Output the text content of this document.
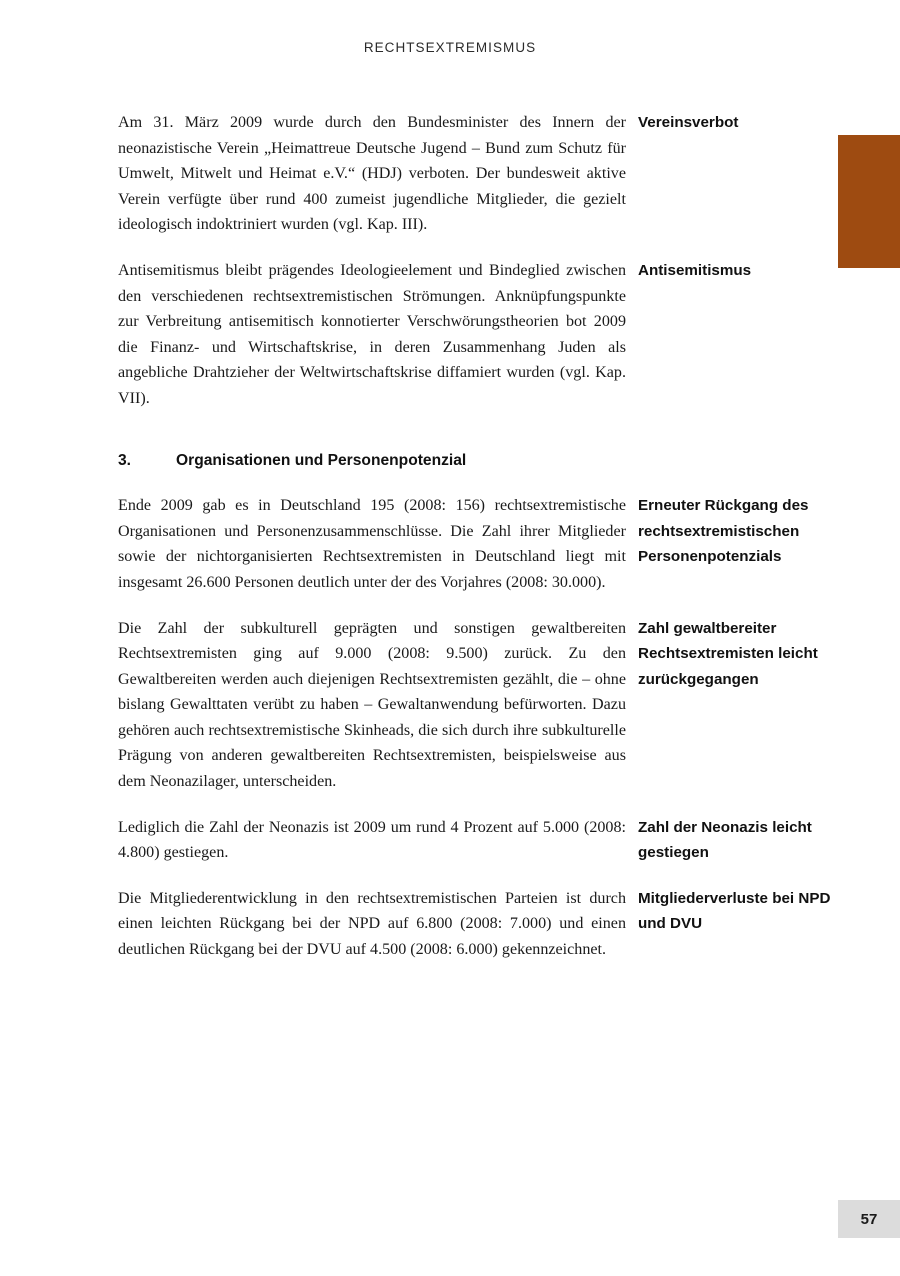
RECHTSEXTREMISMUS
Am 31. März 2009 wurde durch den Bundesminister des Innern der neonazistische Verein „Heimattreue Deutsche Jugend – Bund zum Schutz für Umwelt, Mitwelt und Heimat e.V.“ (HDJ) verboten. Der bundesweit aktive Verein verfügte über rund 400 zumeist jugendliche Mitglieder, die gezielt ideologisch indoktriniert wurden (vgl. Kap. III).
Vereinsverbot
Antisemitismus bleibt prägendes Ideologieelement und Bindeglied zwischen den verschiedenen rechtsextremistischen Strömungen. Anknüpfungspunkte zur Verbreitung antisemitisch konnotierter Verschwörungstheorien bot 2009 die Finanz- und Wirtschaftskrise, in deren Zusammenhang Juden als angebliche Drahtzieher der Weltwirtschaftskrise diffamiert wurden (vgl. Kap. VII).
Antisemitismus
3.	Organisationen und Personenpotenzial
Ende 2009 gab es in Deutschland 195 (2008: 156) rechtsextremistische Organisationen und Personenzusammenschlüsse. Die Zahl ihrer Mitglieder sowie der nichtorganisierten Rechtsextremisten in Deutschland liegt mit insgesamt 26.600 Personen deutlich unter der des Vorjahres (2008: 30.000).
Erneuter Rückgang des rechtsextremistischen Personenpotenzials
Die Zahl der subkulturell geprägten und sonstigen gewaltbereiten Rechtsextremisten ging auf 9.000 (2008: 9.500) zurück. Zu den Gewaltbereiten werden auch diejenigen Rechtsextremisten gezählt, die – ohne bislang Gewalttaten verübt zu haben – Gewaltanwendung befürworten. Dazu gehören auch rechtsextremistische Skinheads, die sich durch ihre subkulturelle Prägung von anderen gewaltbereiten Rechtsextremisten, beispielsweise aus dem Neonazilager, unterscheiden.
Zahl gewaltbereiter Rechtsextremisten leicht zurückgegangen
Lediglich die Zahl der Neonazis ist 2009 um rund 4 Prozent auf 5.000 (2008: 4.800) gestiegen.
Zahl der Neonazis leicht gestiegen
Die Mitgliederentwicklung in den rechtsextremistischen Parteien ist durch einen leichten Rückgang bei der NPD auf 6.800 (2008: 7.000) und einen deutlichen Rückgang bei der DVU auf 4.500 (2008: 6.000) gekennzeichnet.
Mitgliederverluste bei NPD und DVU
57
